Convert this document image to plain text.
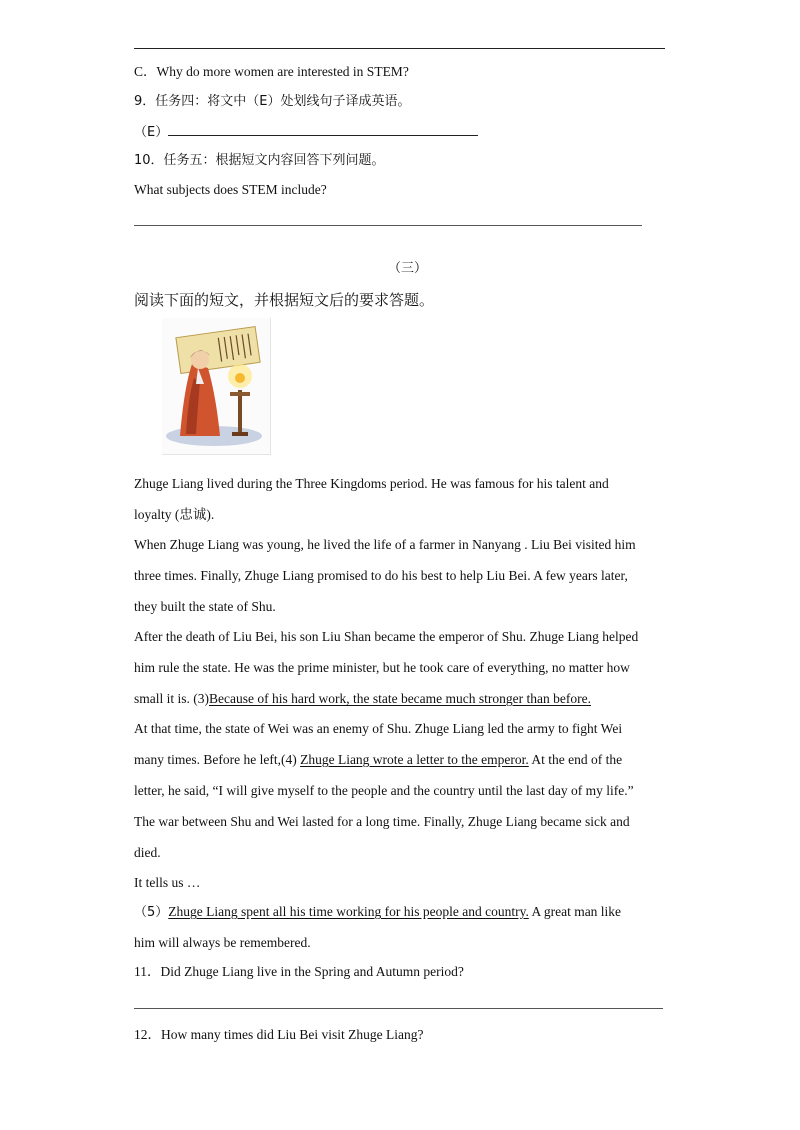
C．Why do more women are interested in STEM?
9．任务四：将文中（E）处划线句子译成英语。
（E）
10．任务五：根据短文内容回答下列问题。
What subjects does STEM include?
（三）
阅读下面的短文，并根据短文后的要求答题。
Zhuge Liang lived during the Three Kingdoms period. He was famous for his talent and
loyalty (忠诚).
When Zhuge Liang was young, he lived the life of a farmer in Nanyang . Liu Bei visited him
three times. Finally, Zhuge Liang promised to do his best to help Liu Bei. A few years later,
they built the state of Shu.
After the death of Liu Bei, his son Liu Shan became the emperor of Shu. Zhuge Liang helped
him rule the state. He was the prime minister, but he took care of everything, no matter how
small it is. (3)Because of his hard work, the state became much stronger than before.
At that time, the state of Wei was an enemy of Shu. Zhuge Liang led the army to fight Wei
many times. Before he left,(4) Zhuge Liang wrote a letter to the emperor. At the end of the
letter, he said, “I will give myself to the people and the country until the last day of my life.”
The war between Shu and Wei lasted for a long time. Finally, Zhuge Liang became sick and
died.
It tells us …
（5）Zhuge Liang spent all his time working for his people and country. A great man like
him will always be remembered.
11．Did Zhuge Liang live in the Spring and Autumn period?
12．How many times did Liu Bei visit Zhuge Liang?
